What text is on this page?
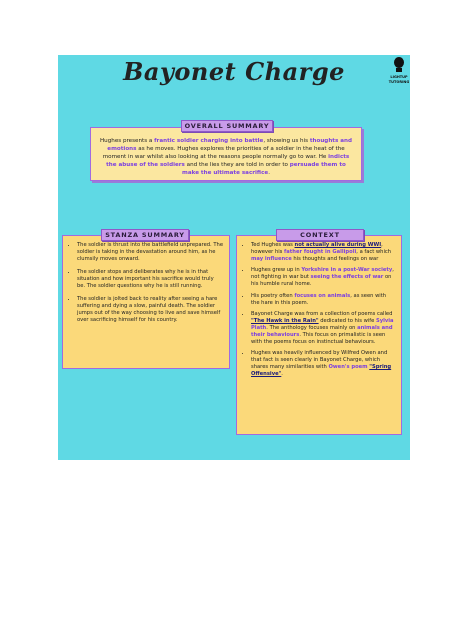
Bayonet Charge	LIGHTUP
TUTORING
OVERALL SUMMARY
Hughes presents a frantic soldier charging into battle, showing us his thoughts and emotions as he moves. Hughes explores the priorities of a soldier in the heat of the moment in war whilst also looking at the reasons people normally go to war. He indicts the abuse of the soldiers and the lies they are told in order to persuade them to make the ultimate sacrifice.
STANZA SUMMARY
• The soldier is thrust into the battlefield unprepared. The soldier is taking in the devastation around him, as he clumsily moves onward.
• The soldier stops and deliberates why he is in that situation and how important his sacrifice would truly be. The soldier questions why he is still running.
• The soldier is jolted back to reality after seeing a hare suffering and dying a slow, painful death. The soldier jumps out of the way choosing to live and save himself over sacrificing himself for his country.
CONTEXT
• Ted Hughes was not actually alive during WWI, however his father fought in Gallipoli, a fact which may influence his thoughts and feelings on war
• Hughes grew up in Yorkshire in a post-War society, not fighting in war but seeing the effects of war on his humble rural home.
• His poetry often focuses on animals, as seen with the hare in this poem.
• Bayonet Charge was from a collection of poems called "The Hawk in the Rain" dedicated to his wife Sylvia Plath. The anthology focuses mainly on animals and their behaviours. This focus on primalistic is seen with the poems focus on instinctual behaviours.
• Hughes was heavily influenced by Wilfred Owen and that fact is seen clearly in Bayonet Charge, which shares many similarities with Owen's poem "Spring Offensive".
